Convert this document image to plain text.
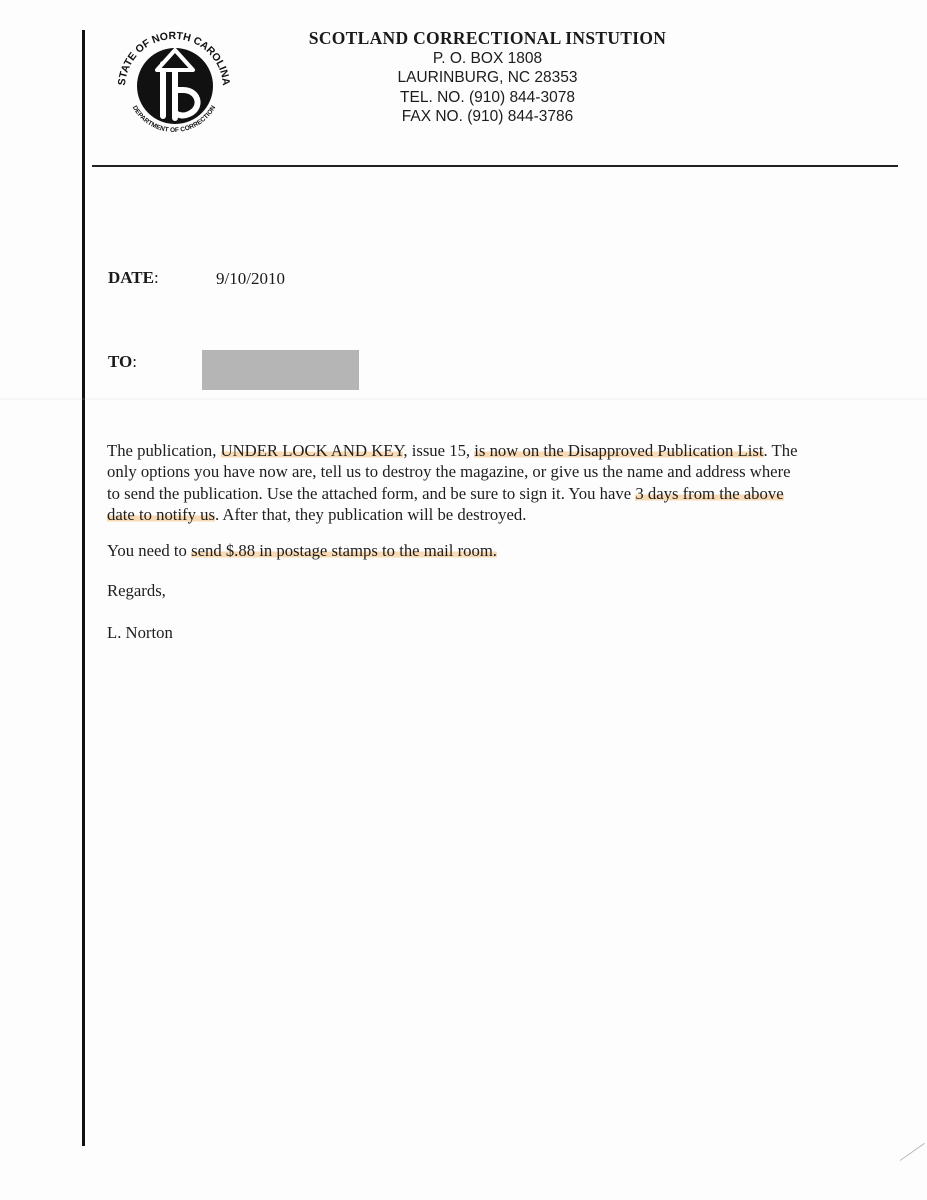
STATE OF NORTH CAROLINA
DEPARTMENT OF CORRECTION
SCOTLAND CORRECTIONAL INSTUTION
P. O. BOX 1808
LAURINBURG, NC 28353
TEL. NO. (910) 844-3078
FAX NO. (910) 844-3786
DATE:	9/10/2010
TO:
The publication, UNDER LOCK AND KEY, issue 15, is now on the Disapproved Publication List. The only options you have now are, tell us to destroy the magazine, or give us the name and address where to send the publication. Use the attached form, and be sure to sign it. You have 3 days from the above date to notify us. After that, they publication will be destroyed.
You need to send $.88 in postage stamps to the mail room.
Regards,
L. Norton
